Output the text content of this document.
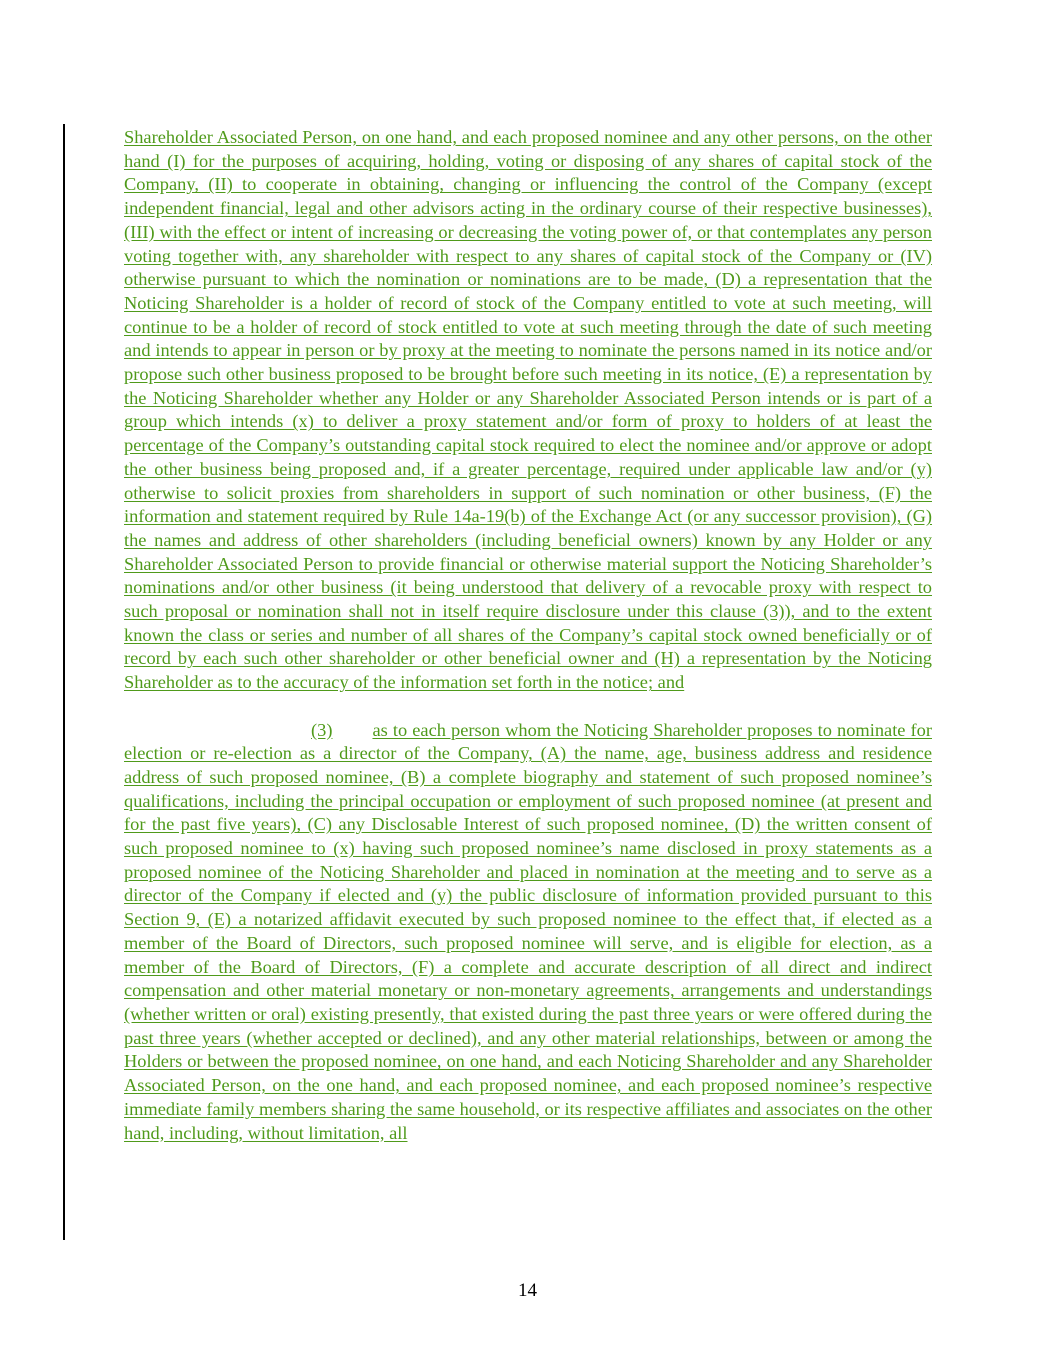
Shareholder Associated Person, on one hand, and each proposed nominee and any other persons, on the other hand (I) for the purposes of acquiring, holding, voting or disposing of any shares of capital stock of the Company, (II) to cooperate in obtaining, changing or influencing the control of the Company (except independent financial, legal and other advisors acting in the ordinary course of their respective businesses), (III) with the effect or intent of increasing or decreasing the voting power of, or that contemplates any person voting together with, any shareholder with respect to any shares of capital stock of the Company or (IV) otherwise pursuant to which the nomination or nominations are to be made, (D) a representation that the Noticing Shareholder is a holder of record of stock of the Company entitled to vote at such meeting, will continue to be a holder of record of stock entitled to vote at such meeting through the date of such meeting and intends to appear in person or by proxy at the meeting to nominate the persons named in its notice and/or propose such other business proposed to be brought before such meeting in its notice, (E) a representation by the Noticing Shareholder whether any Holder or any Shareholder Associated Person intends or is part of a group which intends (x) to deliver a proxy statement and/or form of proxy to holders of at least the percentage of the Company’s outstanding capital stock required to elect the nominee and/or approve or adopt the other business being proposed and, if a greater percentage, required under applicable law and/or (y) otherwise to solicit proxies from shareholders in support of such nomination or other business, (F) the information and statement required by Rule 14a-19(b) of the Exchange Act (or any successor provision), (G) the names and address of other shareholders (including beneficial owners) known by any Holder or any Shareholder Associated Person to provide financial or otherwise material support the Noticing Shareholder’s nominations and/or other business (it being understood that delivery of a revocable proxy with respect to such proposal or nomination shall not in itself require disclosure under this clause (3)), and to the extent known the class or series and number of all shares of the Company’s capital stock owned beneficially or of record by each such other shareholder or other beneficial owner and (H) a representation by the Noticing Shareholder as to the accuracy of the information set forth in the notice; and

(3) as to each person whom the Noticing Shareholder proposes to nominate for election or re-election as a director of the Company, (A) the name, age, business address and residence address of such proposed nominee, (B) a complete biography and statement of such proposed nominee’s qualifications, including the principal occupation or employment of such proposed nominee (at present and for the past five years), (C) any Disclosable Interest of such proposed nominee, (D) the written consent of such proposed nominee to (x) having such proposed nominee’s name disclosed in proxy statements as a proposed nominee of the Noticing Shareholder and placed in nomination at the meeting and to serve as a director of the Company if elected and (y) the public disclosure of information provided pursuant to this Section 9, (E) a notarized affidavit executed by such proposed nominee to the effect that, if elected as a member of the Board of Directors, such proposed nominee will serve, and is eligible for election, as a member of the Board of Directors, (F) a complete and accurate description of all direct and indirect compensation and other material monetary or non-monetary agreements, arrangements and understandings (whether written or oral) existing presently, that existed during the past three years or were offered during the past three years (whether accepted or declined), and any other material relationships, between or among the Holders or between the proposed nominee, on one hand, and each Noticing Shareholder and any Shareholder Associated Person, on the one hand, and each proposed nominee, and each proposed nominee’s respective immediate family members sharing the same household, or its respective affiliates and associates on the other hand, including, without limitation, all

14
